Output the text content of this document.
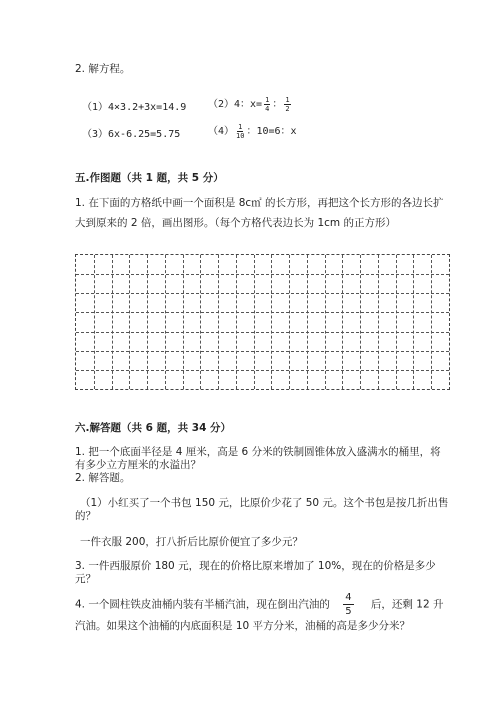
2. 解方程。
（1）4×3.2+3x=14.9 （2）4：$x= \frac{1}{4}$ ： $\frac{1}{2}$
（3）6x-6.25=5.75	$(4) \frac{1}{10}$ ：10=6：x
五.作图题（共 1 题，共 5 分）
1. 在下面的方格纸中画一个面积是 8c㎡ 的长方形，再把这个长方形的各边长扩
大到原来的 2 倍，画出图形。（每个方格代表边长为 1cm 的正方形）
六.解答题（共 6 题，共 34 分）
1. 把一个底面半径是 4 厘米，高是 6 分米的铁制圆锥体放入盛满水的桶里，将
有多少立方厘米的水溢出？
2. 解答题。
（1）小红买了一个书包 150 元，比原价少花了 50 元。这个书包是按几折出售
的？
一件衣服 200，打八折后比原价便宜了多少元？
3. 一件西服原价 180 元，现在的价格比原来增加了 10%，现在的价格是多少
元？
4. 一个圆柱铁皮油桶内装有半桶汽油，现在倒出汽油的 $\frac{4}{5}$ 后，还剩 12 升
汽油。如果这个油桶的内底面积是 10 平方分米，油桶的高是多少分米？
